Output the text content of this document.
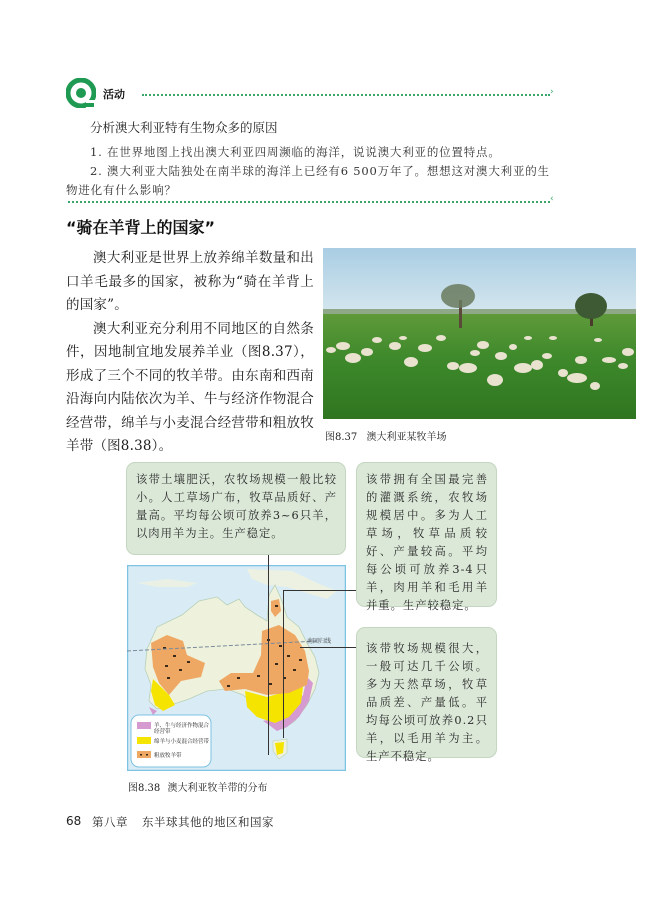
活动	›
分析澳大利亚特有生物众多的原因
1. 在世界地图上找出澳大利亚四周濒临的海洋，说说澳大利亚的位置特点。
2. 澳大利亚大陆独处在南半球的海洋上已经有6 500万年了。想想这对澳大利亚的生
物进化有什么影响？
‹
“骑在羊背上的国家”

澳大利亚是世界上放养绵羊数量和出口羊毛最多的国家，被称为“骑在羊背上的国家”。

澳大利亚充分利用不同地区的自然条件，因地制宜地发展养羊业（图8.37），形成了三个不同的牧羊带。由东南和西南沿海向内陆依次为羊、牛与经济作物混合经营带，绵羊与小麦混合经营带和粗放牧羊带（图8.38）。

图8.37 澳大利亚某牧羊场
该带土壤肥沃，农牧场规模一般比较小。人工草场广布，牧草品质好、产量高。平均每公顷可放养3~6只羊，以肉用羊为主。生产稳定。
该带拥有全国最完善的灌溉系统，农牧场规模居中。多为人工草场，牧草品质较好、产量较高。平均每公顷可放养3-4只羊，肉用羊和毛用羊并重。生产较稳定。
该带牧场规模很大，一般可达几千公顷。多为天然草场，牧草品质差、产量低。平均每公顷可放养0.2只羊，以毛用羊为主。生产不稳定。
南回归线
羊、牛与经济作物混合
经营带
绵羊与小麦混合经营带
粗放牧羊带
图8.38 澳大利亚牧羊带的分布
68 第八章 东半球其他的地区和国家
